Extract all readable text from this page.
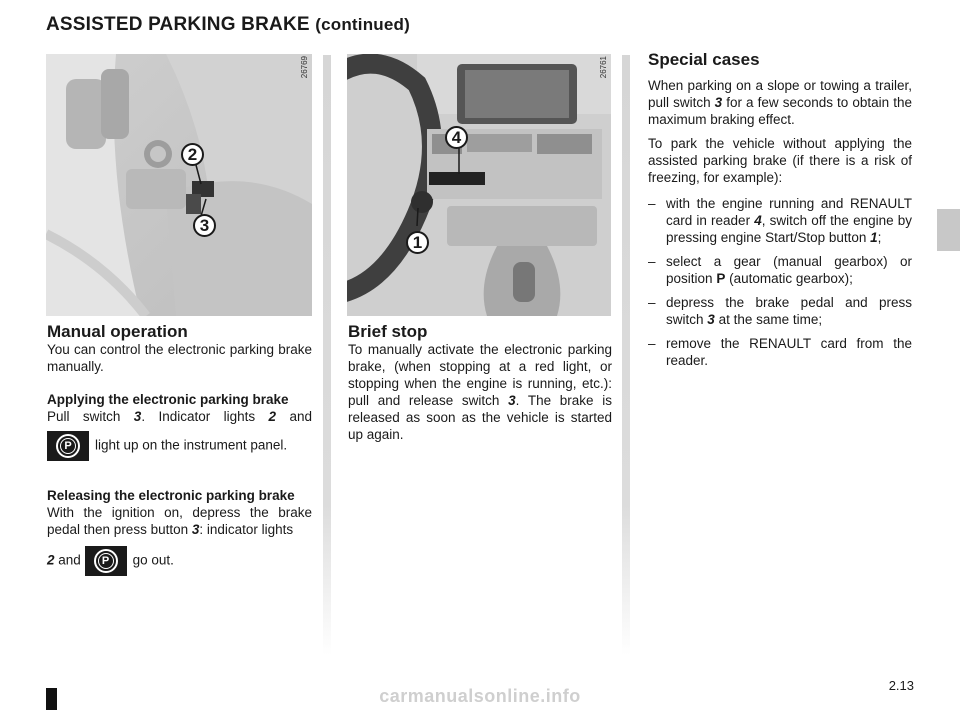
ASSISTED PARKING BRAKE (continued)
26769
2
3
26761
4
1
Manual operation

You can control the electronic parking brake manually.

Applying the electronic parking brake
Pull switch 3. Indicator lights 2 and
P	light up on the instrument panel.
Releasing the electronic parking brake
With the ignition on, depress the brake pedal then press button 3: indicator lights
2 and	P	go out.
Brief stop

To manually activate the electronic parking brake, (when stopping at a red light, or stopping when the engine is running, etc.): pull and release switch 3. The brake is released as soon as the vehicle is started up again.

Special cases

When parking on a slope or towing a trailer, pull switch 3 for a few seconds to obtain the maximum braking effect.

To park the vehicle without applying the assisted parking brake (if there is a risk of freezing, for example):

– with the engine running and RENAULT card in reader 4, switch off the engine by pressing engine Start/Stop button 1;
– select a gear (manual gearbox) or position P (automatic gearbox);
– depress the brake pedal and press switch 3 at the same time;
– remove the RENAULT card from the reader.
2.13
carmanualsonline.info
